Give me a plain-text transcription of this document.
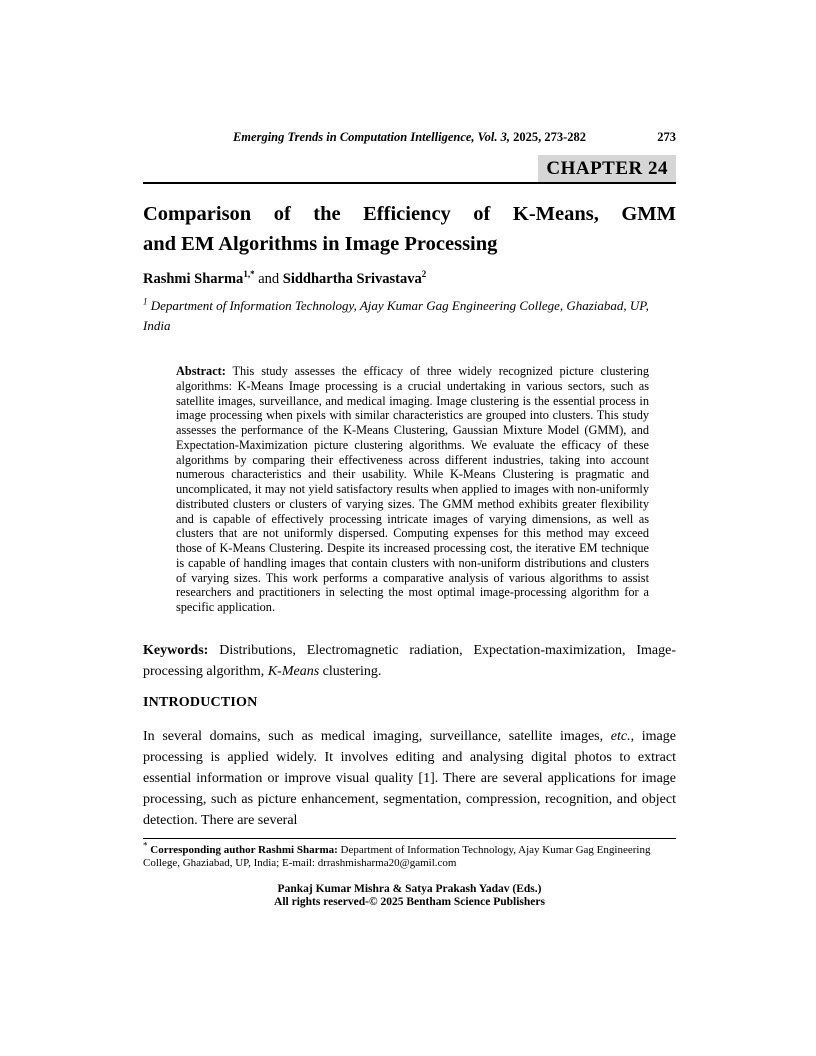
Emerging Trends in Computation Intelligence, Vol. 3, 2025, 273-282	273
CHAPTER 24
Comparison of the Efficiency of K-Means, GMM
and EM Algorithms in Image Processing
Rashmi Sharma$^{1,*}$ and Siddhartha Srivastava$^2$
$^1$ Department of Information Technology, Ajay Kumar Gag Engineering College, Ghaziabad, UP, India
Abstract: This study assesses the efficacy of three widely recognized picture clustering algorithms: K-Means Image processing is a crucial undertaking in various sectors, such as satellite images, surveillance, and medical imaging. Image clustering is the essential process in image processing when pixels with similar characteristics are grouped into clusters. This study assesses the performance of the K-Means Clustering, Gaussian Mixture Model (GMM), and Expectation-Maximization picture clustering algorithms. We evaluate the efficacy of these algorithms by comparing their effectiveness across different industries, taking into account numerous characteristics and their usability. While K-Means Clustering is pragmatic and uncomplicated, it may not yield satisfactory results when applied to images with non-uniformly distributed clusters or clusters of varying sizes. The GMM method exhibits greater flexibility and is capable of effectively processing intricate images of varying dimensions, as well as clusters that are not uniformly dispersed. Computing expenses for this method may exceed those of K-Means Clustering. Despite its increased processing cost, the iterative EM technique is capable of handling images that contain clusters with non-uniform distributions and clusters of varying sizes. This work performs a comparative analysis of various algorithms to assist researchers and practitioners in selecting the most optimal image-processing algorithm for a specific application.
Keywords: Distributions, Electromagnetic radiation, Expectation-maximization, Image-processing algorithm, K-Means clustering.
INTRODUCTION
In several domains, such as medical imaging, surveillance, satellite images, etc., image processing is applied widely. It involves editing and analysing digital photos to extract essential information or improve visual quality [1]. There are several applications for image processing, such as picture enhancement, segmentation, compression, recognition, and object detection. There are several
* Corresponding author Rashmi Sharma: Department of Information Technology, Ajay Kumar Gag Engineering College, Ghaziabad, UP, India; E-mail: drrashmisharma20@gamil.com
Pankaj Kumar Mishra & Satya Prakash Yadav (Eds.)
All rights reserved-© 2025 Bentham Science Publishers
